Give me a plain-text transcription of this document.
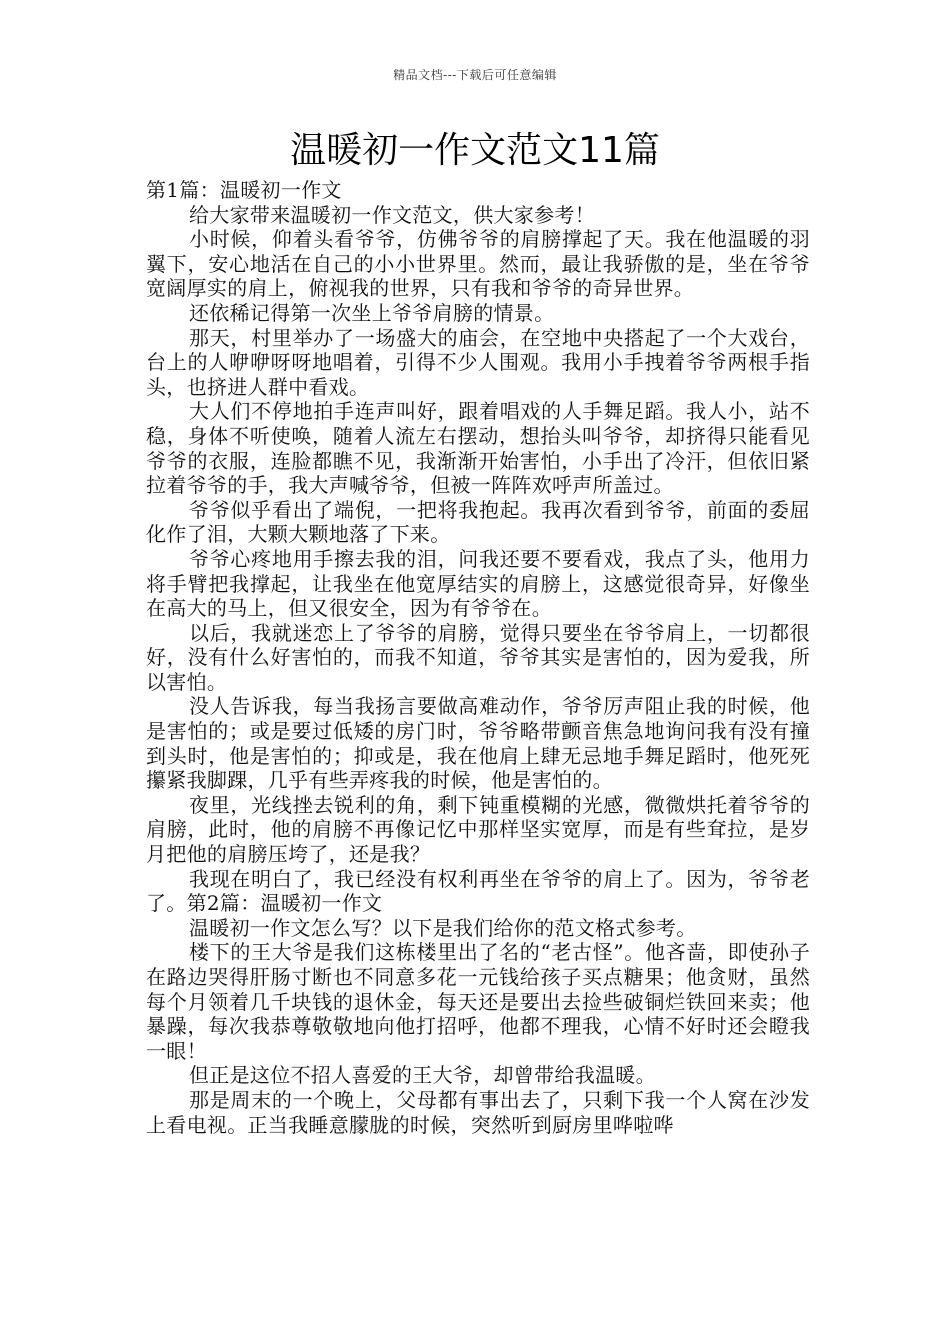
精品文档---下载后可任意编辑
温暖初一作文范文11篇

第1篇：温暖初一作文

给大家带来温暖初一作文范文，供大家参考！

小时候，仰着头看爷爷，仿佛爷爷的肩膀撑起了天。我在他温暖的羽翼下，安心地活在自己的小小世界里。然而，最让我骄傲的是，坐在爷爷宽阔厚实的肩上，俯视我的世界，只有我和爷爷的奇异世界。

还依稀记得第一次坐上爷爷肩膀的情景。

那天，村里举办了一场盛大的庙会，在空地中央搭起了一个大戏台，台上的人咿咿呀呀地唱着，引得不少人围观。我用小手拽着爷爷两根手指头，也挤进人群中看戏。

大人们不停地拍手连声叫好，跟着唱戏的人手舞足蹈。我人小，站不稳，身体不听使唤，随着人流左右摆动，想抬头叫爷爷，却挤得只能看见爷爷的衣服，连脸都瞧不见，我渐渐开始害怕，小手出了冷汗，但依旧紧拉着爷爷的手，我大声喊爷爷，但被一阵阵欢呼声所盖过。

爷爷似乎看出了端倪，一把将我抱起。我再次看到爷爷，前面的委屈化作了泪，大颗大颗地落了下来。

爷爷心疼地用手擦去我的泪，问我还要不要看戏，我点了头，他用力将手臂把我撑起，让我坐在他宽厚结实的肩膀上，这感觉很奇异，好像坐在高大的马上，但又很安全，因为有爷爷在。

以后，我就迷恋上了爷爷的肩膀，觉得只要坐在爷爷肩上，一切都很好，没有什么好害怕的，而我不知道，爷爷其实是害怕的，因为爱我，所以害怕。

没人告诉我，每当我扬言要做高难动作，爷爷厉声阻止我的时候，他是害怕的；或是要过低矮的房门时，爷爷略带颤音焦急地询问我有没有撞到头时，他是害怕的；抑或是，我在他肩上肆无忌地手舞足蹈时，他死死攥紧我脚踝，几乎有些弄疼我的时候，他是害怕的。

夜里，光线挫去锐利的角，剩下钝重模糊的光感，微微烘托着爷爷的肩膀，此时，他的肩膀不再像记忆中那样坚实宽厚，而是有些耷拉，是岁月把他的肩膀压垮了，还是我？

我现在明白了，我已经没有权利再坐在爷爷的肩上了。因为，爷爷老了。第2篇：温暖初一作文

温暖初一作文怎么写？以下是我们给你的范文格式参考。

楼下的王大爷是我们这栋楼里出了名的“老古怪”。他吝啬，即使孙子在路边哭得肝肠寸断也不同意多花一元钱给孩子买点糖果；他贪财，虽然每个月领着几千块钱的退休金，每天还是要出去捡些破铜烂铁回来卖；他暴躁，每次我恭尊敬敬地向他打招呼，他都不理我，心情不好时还会瞪我一眼！

但正是这位不招人喜爱的王大爷，却曾带给我温暖。

那是周末的一个晚上，父母都有事出去了，只剩下我一个人窝在沙发上看电视。正当我睡意朦胧的时候，突然听到厨房里哗啦哗
